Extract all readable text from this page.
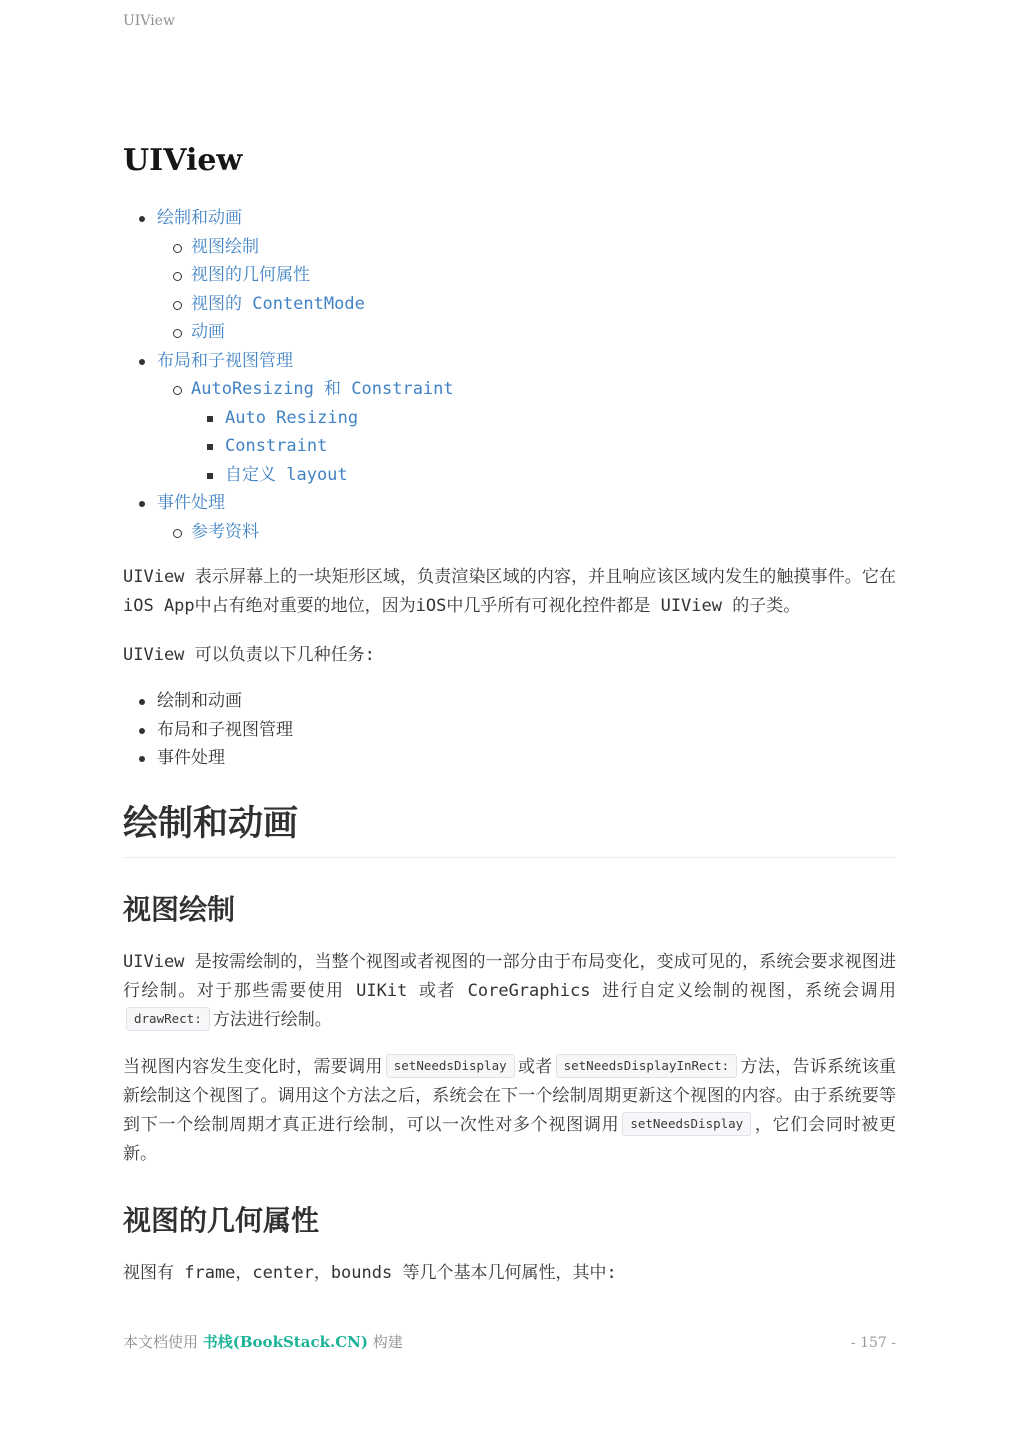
UIView
UIView
绘制和动画
视图绘制
视图的几何属性
视图的 ContentMode
动画
布局和子视图管理
AutoResizing 和 Constraint
Auto Resizing
Constraint
自定义 layout
事件处理
参考资料

UIView 表示屏幕上的一块矩形区域，负责渲染区域的内容，并且响应该区域内发生的触摸事件。它在iOS App中占有绝对重要的地位，因为iOS中几乎所有可视化控件都是 UIView 的子类。

UIView 可以负责以下几种任务:

绘制和动画
布局和子视图管理
事件处理
绘制和动画
视图绘制

UIView 是按需绘制的，当整个视图或者视图的一部分由于布局变化，变成可见的，系统会要求视图进行绘制。对于那些需要使用 UIKit 或者 CoreGraphics 进行自定义绘制的视图，系统会调用drawRect: 方法进行绘制。

当视图内容发生变化时，需要调用 setNeedsDisplay 或者 setNeedsDisplayInRect: 方法，告诉系统该重新绘制这个视图了。调用这个方法之后，系统会在下一个绘制周期更新这个视图的内容。由于系统要等到下一个绘制周期才真正进行绘制，可以一次性对多个视图调用 setNeedsDisplay ，它们会同时被更新。

视图的几何属性

视图有 frame，center，bounds 等几个基本几何属性，其中:

本文档使用 书栈(BookStack.CN) 构建	- 157 -
